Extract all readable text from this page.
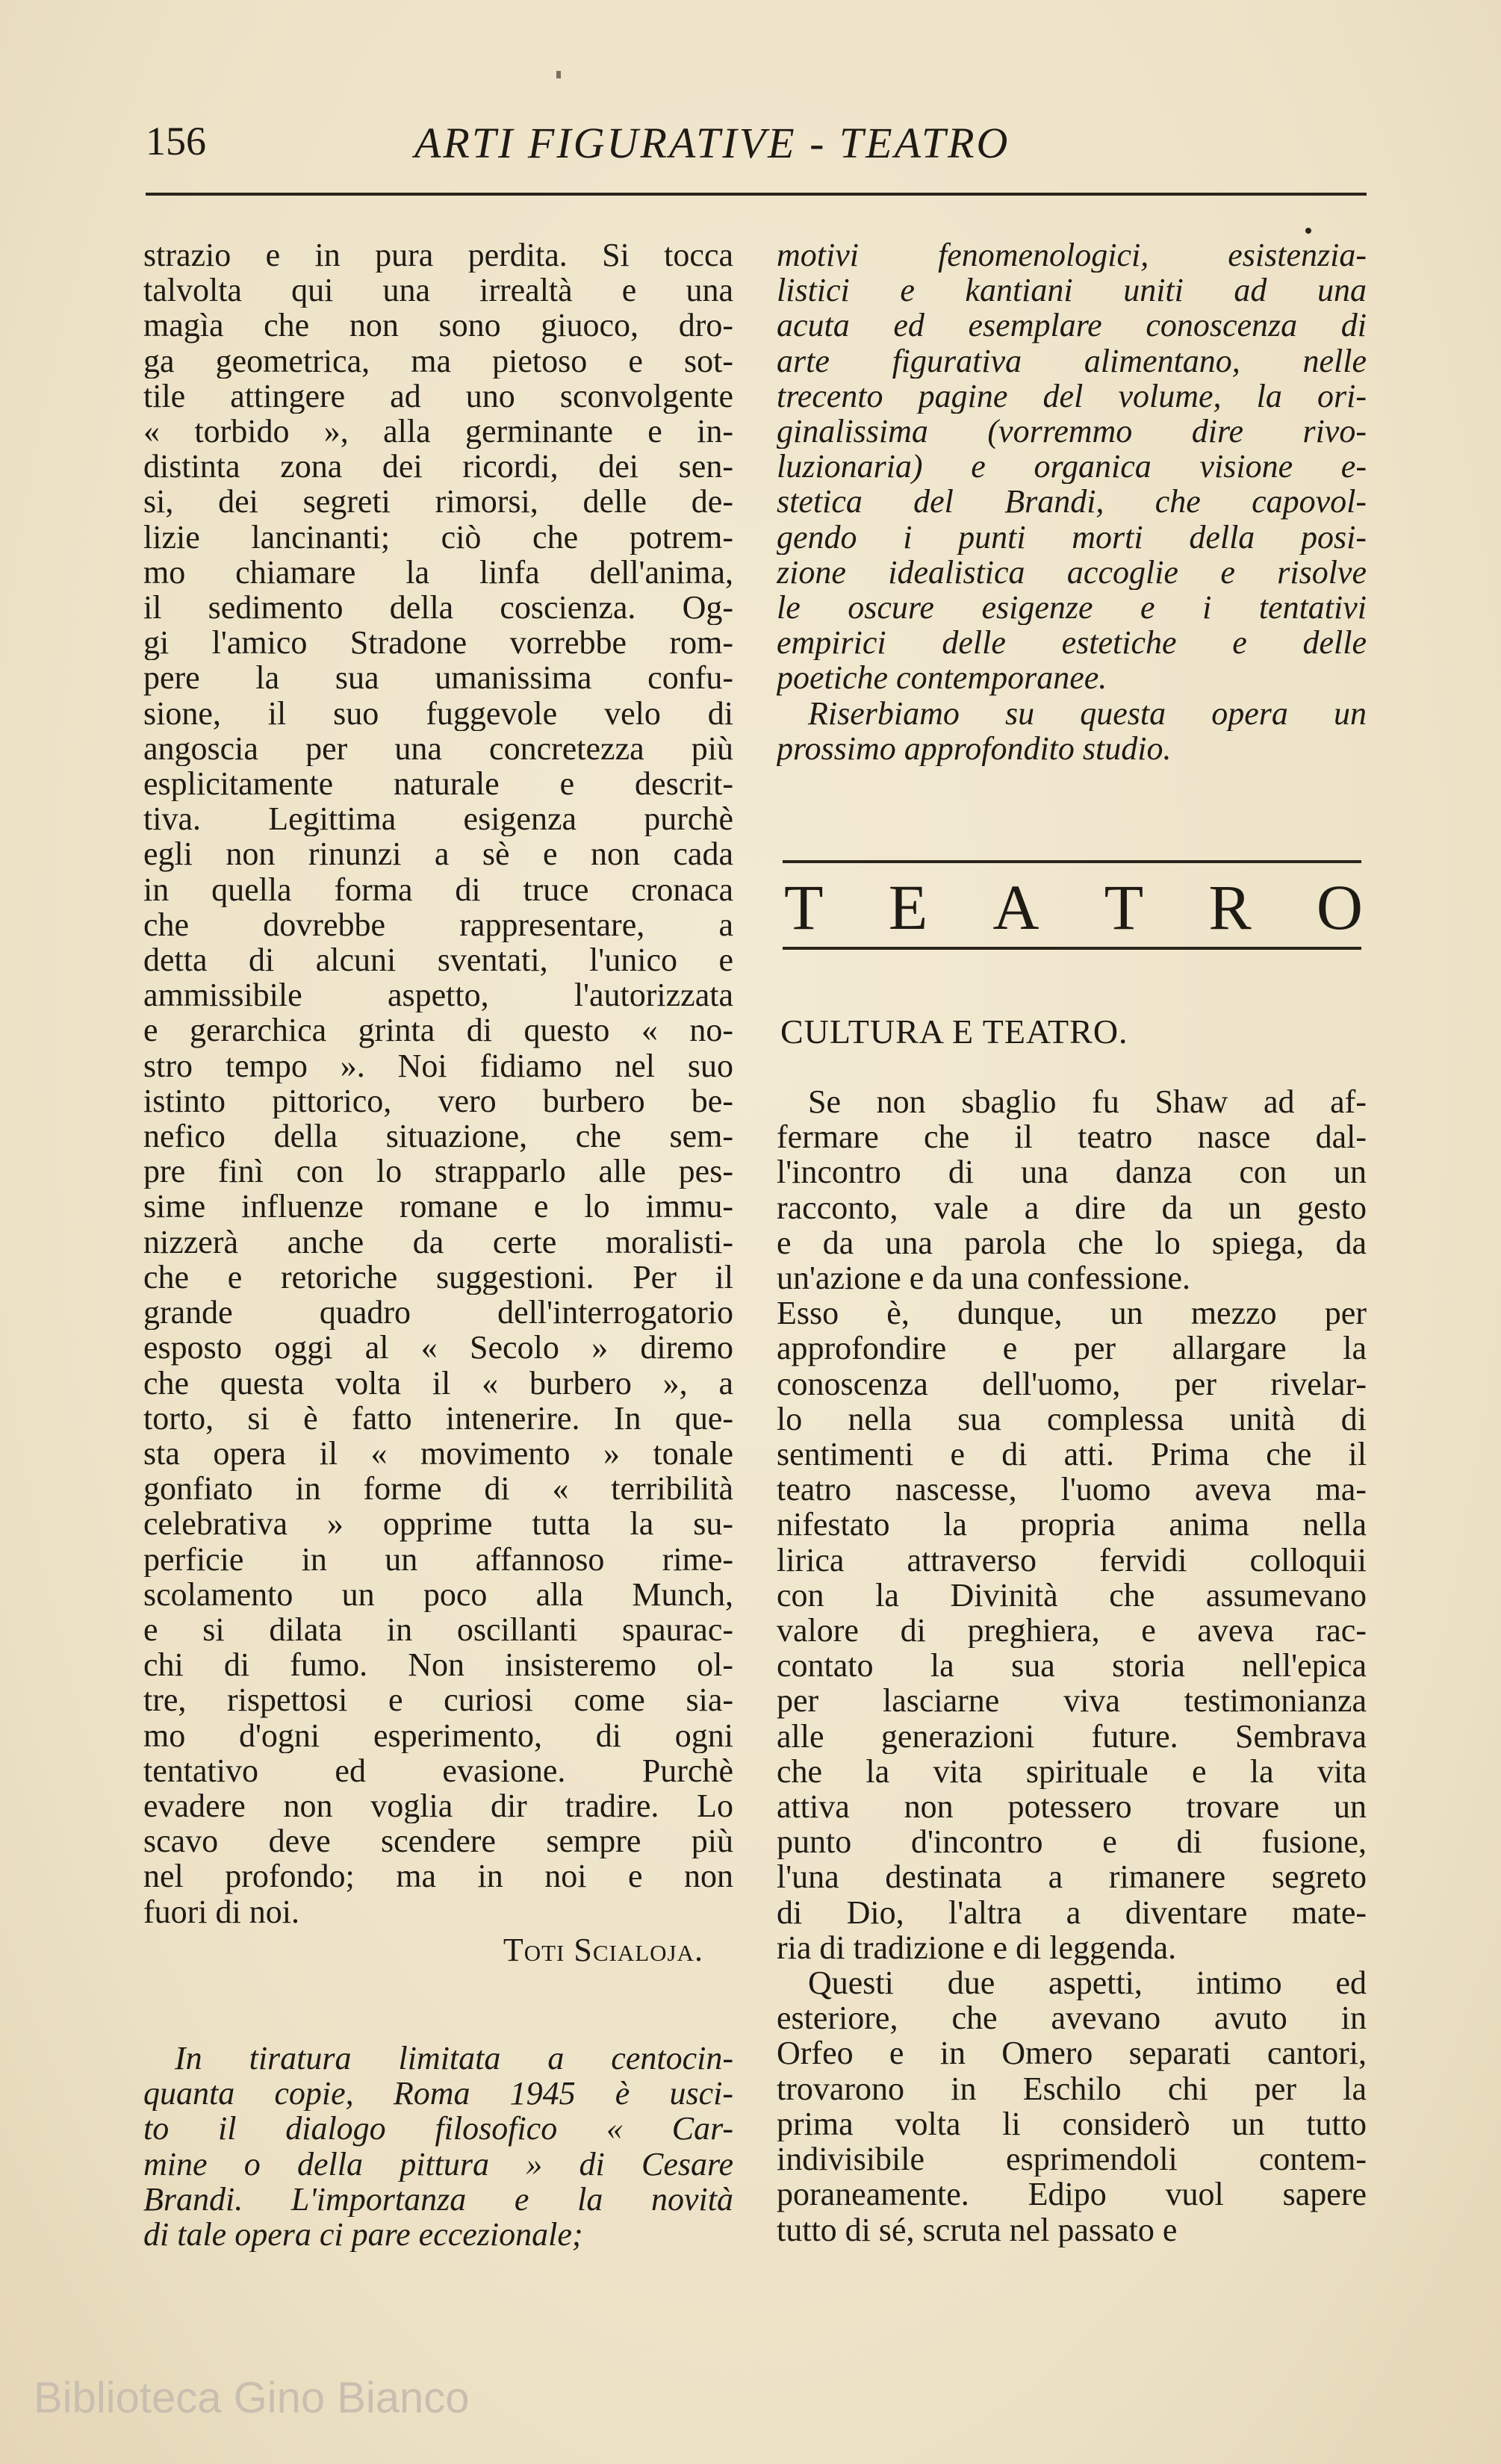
156	ARTI FIGURATIVE - TEATRO
strazio e in pura perdita. Si tocca
talvolta qui una irrealtà e una
magìa che non sono giuoco, dro-
ga geometrica, ma pietoso e sot-
tile attingere ad uno sconvolgente
« torbido », alla germinante e in-
distinta zona dei ricordi, dei sen-
si, dei segreti rimorsi, delle de-
lizie lancinanti; ciò che potrem-
mo chiamare la linfa dell'anima,
il sedimento della coscienza. Og-
gi l'amico Stradone vorrebbe rom-
pere la sua umanissima confu-
sione, il suo fuggevole velo di
angoscia per una concretezza più
esplicitamente naturale e descrit-
tiva. Legittima esigenza purchè
egli non rinunzi a sè e non cada
in quella forma di truce cronaca
che dovrebbe rappresentare, a
detta di alcuni sventati, l'unico e
ammissibile aspetto, l'autorizzata
e gerarchica grinta di questo « no-
stro tempo ». Noi fidiamo nel suo
istinto pittorico, vero burbero be-
nefico della situazione, che sem-
pre finì con lo strapparlo alle pes-
sime influenze romane e lo immu-
nizzerà anche da certe moralisti-
che e retoriche suggestioni. Per il
grande quadro dell'interrogatorio
esposto oggi al « Secolo » diremo
che questa volta il « burbero », a
torto, si è fatto intenerire. In que-
sta opera il « movimento » tonale
gonfiato in forme di « terribilità
celebrativa » opprime tutta la su-
perficie in un affannoso rime-
scolamento un poco alla Munch,
e si dilata in oscillanti spaurac-
chi di fumo. Non insisteremo ol-
tre, rispettosi e curiosi come sia-
mo d'ogni esperimento, di ogni
tentativo ed evasione. Purchè
evadere non voglia dir tradire. Lo
scavo deve scendere sempre più
nel profondo; ma in noi e non
fuori di noi.
Toti Scialoja.
In tiratura limitata a centocin-
quanta copie, Roma 1945 è usci-
to il dialogo filosofico « Car-
mine o della pittura » di Cesare
Brandi. L'importanza e la novità
di tale opera ci pare eccezionale;
motivi fenomenologici, esistenzia-
listici e kantiani uniti ad una
acuta ed esemplare conoscenza di
arte figurativa alimentano, nelle
trecento pagine del volume, la ori-
ginalissima (vorremmo dire rivo-
luzionaria) e organica visione e-
stetica del Brandi, che capovol-
gendo i punti morti della posi-
zione idealistica accoglie e risolve
le oscure esigenze e i tentativi
empirici delle estetiche e delle
poetiche contemporanee.
Riserbiamo su questa opera un
prossimo approfondito studio.
T E A T R O
CULTURA E TEATRO.
Se non sbaglio fu Shaw ad af-
fermare che il teatro nasce dal-
l'incontro di una danza con un
racconto, vale a dire da un gesto
e da una parola che lo spiega, da
un'azione e da una confessione.
Esso è, dunque, un mezzo per
approfondire e per allargare la
conoscenza dell'uomo, per rivelar-
lo nella sua complessa unità di
sentimenti e di atti. Prima che il
teatro nascesse, l'uomo aveva ma-
nifestato la propria anima nella
lirica attraverso fervidi colloquii
con la Divinità che assumevano
valore di preghiera, e aveva rac-
contato la sua storia nell'epica
per lasciarne viva testimonianza
alle generazioni future. Sembrava
che la vita spirituale e la vita
attiva non potessero trovare un
punto d'incontro e di fusione,
l'una destinata a rimanere segreto
di Dio, l'altra a diventare mate-
ria di tradizione e di leggenda.
Questi due aspetti, intimo ed
esteriore, che avevano avuto in
Orfeo e in Omero separati cantori,
trovarono in Eschilo chi per la
prima volta li considerò un tutto
indivisibile esprimendoli contem-
poraneamente. Edipo vuol sapere
tutto di sé, scruta nel passato e
Biblioteca Gino Bianco
